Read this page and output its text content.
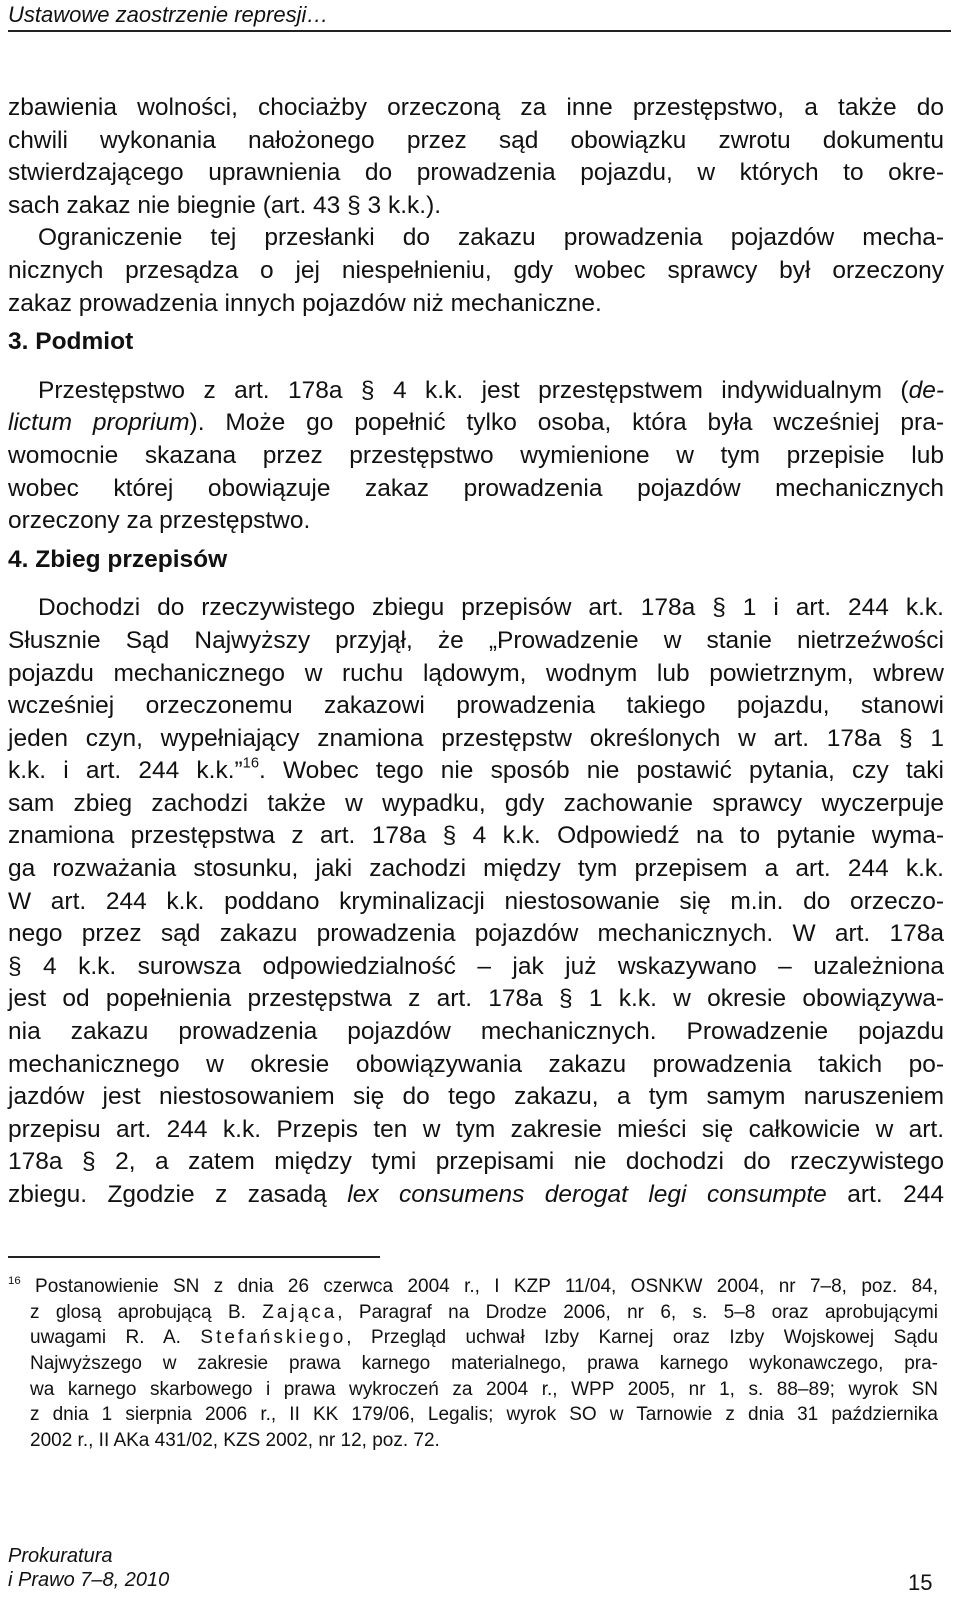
Ustawowe zaostrzenie represji…
zbawienia wolności, chociażby orzeczoną za inne przestępstwo, a także do
chwili wykonania nałożonego przez sąd obowiązku zwrotu dokumentu
stwierdzającego uprawnienia do prowadzenia pojazdu, w których to okre-
sach zakaz nie biegnie (art. 43 § 3 k.k.).
Ograniczenie tej przesłanki do zakazu prowadzenia pojazdów mecha-
nicznych przesądza o jej niespełnieniu, gdy wobec sprawcy był orzeczony
zakaz prowadzenia innych pojazdów niż mechaniczne.
3. Podmiot
Przestępstwo z art. 178a § 4 k.k. jest przestępstwem indywidualnym (de-
lictum proprium). Może go popełnić tylko osoba, która była wcześniej pra-
womocnie skazana przez przestępstwo wymienione w tym przepisie lub
wobec której obowiązuje zakaz prowadzenia pojazdów mechanicznych
orzeczony za przestępstwo.
4. Zbieg przepisów
Dochodzi do rzeczywistego zbiegu przepisów art. 178a § 1 i art. 244 k.k.
Słusznie Sąd Najwyższy przyjął, że „Prowadzenie w stanie nietrzeźwości
pojazdu mechanicznego w ruchu lądowym, wodnym lub powietrznym, wbrew
wcześniej orzeczonemu zakazowi prowadzenia takiego pojazdu, stanowi
jeden czyn, wypełniający znamiona przestępstw określonych w art. 178a § 1
k.k. i art. 244 k.k.”$^{16}$. Wobec tego nie sposób nie postawić pytania, czy taki
sam zbieg zachodzi także w wypadku, gdy zachowanie sprawcy wyczerpuje
znamiona przestępstwa z art. 178a § 4 k.k. Odpowiedź na to pytanie wyma-
ga rozważania stosunku, jaki zachodzi między tym przepisem a art. 244 k.k.
W art. 244 k.k. poddano kryminalizacji niestosowanie się m.in. do orzeczo-
nego przez sąd zakazu prowadzenia pojazdów mechanicznych. W art. 178a
§ 4 k.k. surowsza odpowiedzialność – jak już wskazywano – uzależniona
jest od popełnienia przestępstwa z art. 178a § 1 k.k. w okresie obowiązywa-
nia zakazu prowadzenia pojazdów mechanicznych. Prowadzenie pojazdu
mechanicznego w okresie obowiązywania zakazu prowadzenia takich po-
jazdów jest niestosowaniem się do tego zakazu, a tym samym naruszeniem
przepisu art. 244 k.k. Przepis ten w tym zakresie mieści się całkowicie w art.
178a § 2, a zatem między tymi przepisami nie dochodzi do rzeczywistego
zbiegu. Zgodzie z zasadą lex consumens derogat legi consumpte art. 244
$^{16}$ Postanowienie SN z dnia 26 czerwca 2004 r., I KZP 11/04, OSNKW 2004, nr 7–8, poz. 84,
z glosą aprobującą B. Zająca, Paragraf na Drodze 2006, nr 6, s. 5–8 oraz aprobującymi
uwagami R. A. Stefańskiego, Przegląd uchwał Izby Karnej oraz Izby Wojskowej Sądu
Najwyższego w zakresie prawa karnego materialnego, prawa karnego wykonawczego, pra-
wa karnego skarbowego i prawa wykroczeń za 2004 r., WPP 2005, nr 1, s. 88–89; wyrok SN
z dnia 1 sierpnia 2006 r., II KK 179/06, Legalis; wyrok SO w Tarnowie z dnia 31 października
2002 r., II AKa 431/02, KZS 2002, nr 12, poz. 72.
Prokuratura
i Prawo 7–8, 2010	15
